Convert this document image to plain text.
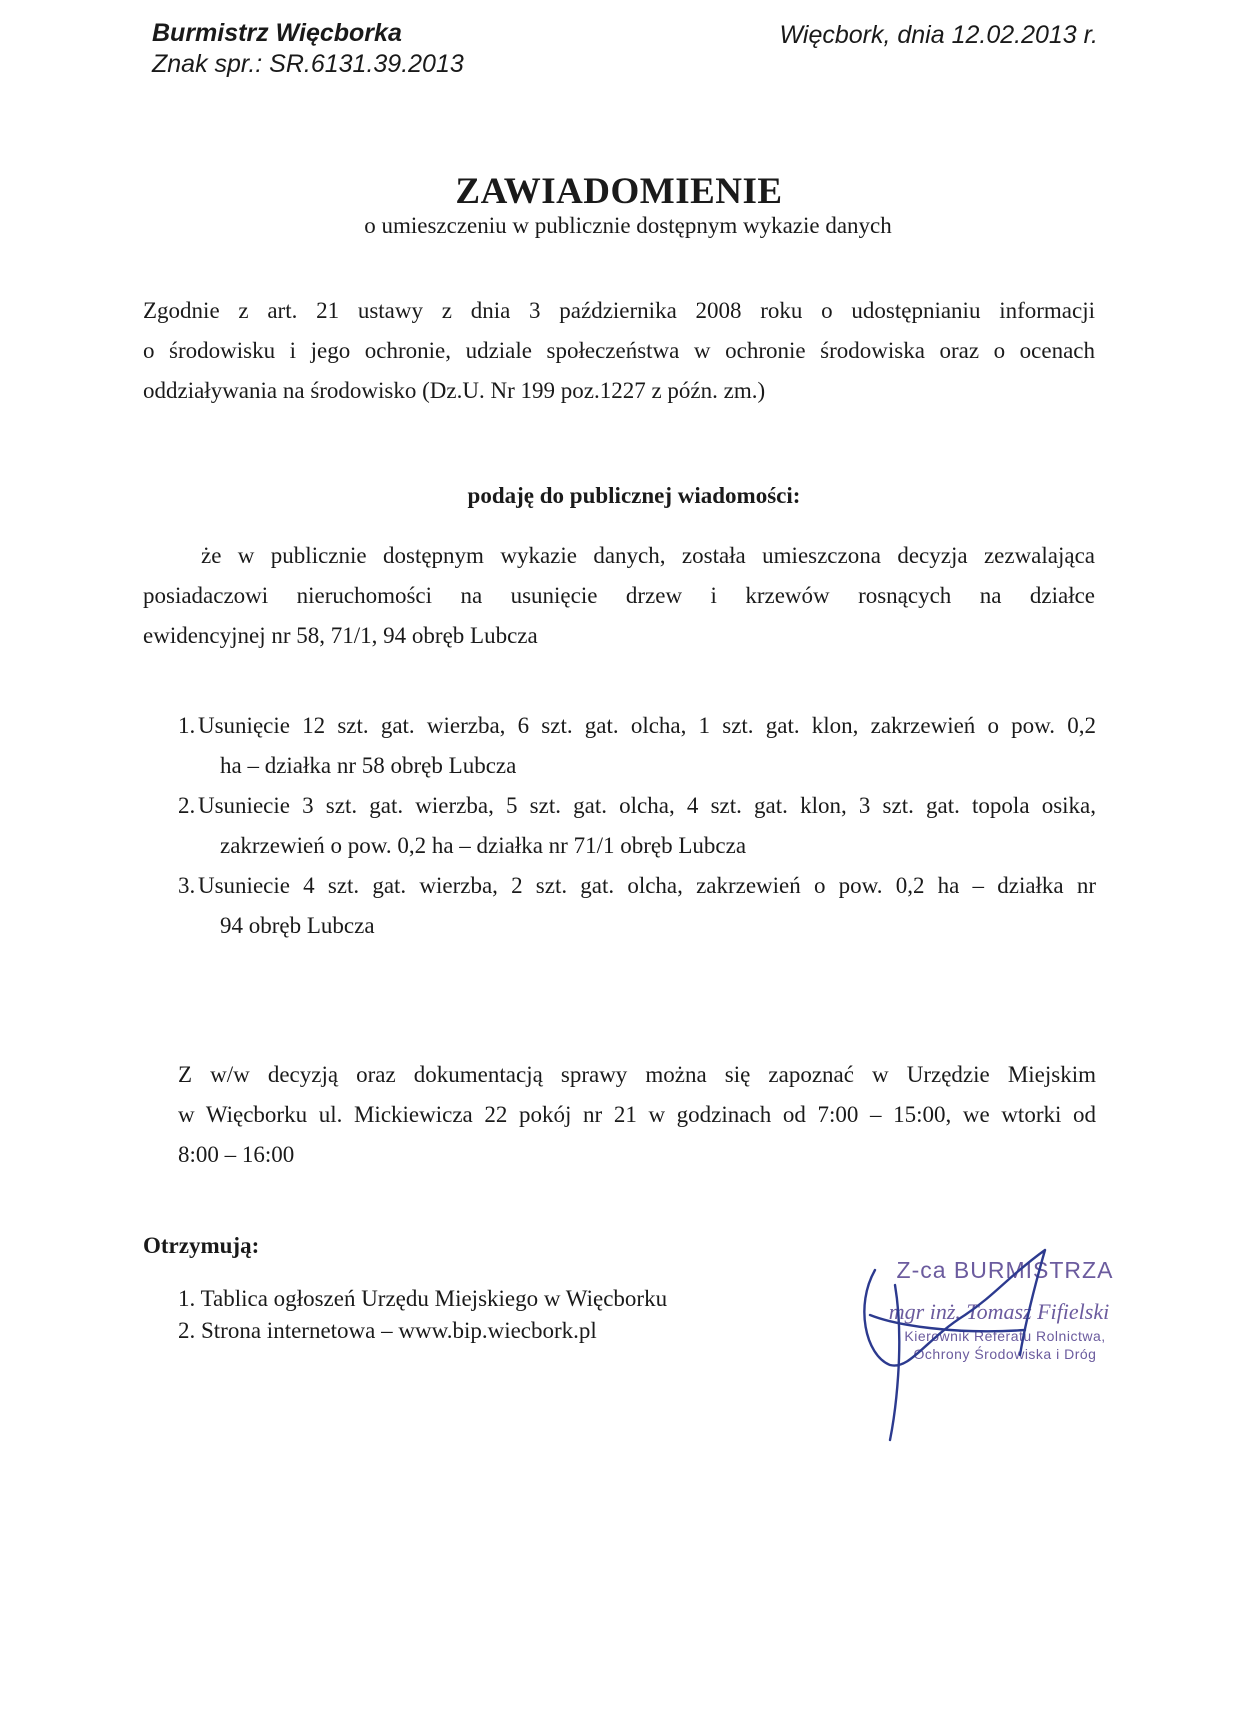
Burmistrz Więcborka
Znak spr.: SR.6131.39.2013
Więcbork, dnia 12.02.2013 r.
ZAWIADOMIENIE
o umieszczeniu w publicznie dostępnym wykazie danych
Zgodnie z art. 21 ustawy z dnia 3 października 2008 roku o udostępnianiu informacji
o środowisku i jego ochronie, udziale społeczeństwa w ochronie środowiska oraz o ocenach
oddziaływania na środowisko (Dz.U. Nr 199 poz.1227 z późn. zm.)
podaję do publicznej wiadomości:
że w publicznie dostępnym wykazie danych, została umieszczona decyzja zezwalająca
posiadaczowi nieruchomości na usunięcie drzew i krzewów rosnących na działce
ewidencyjnej nr 58, 71/1, 94 obręb Lubcza
1. Usunięcie 12 szt. gat. wierzba, 6 szt. gat. olcha, 1 szt. gat. klon, zakrzewień o pow. 0,2
ha – działka nr 58 obręb Lubcza
2. Usuniecie 3 szt. gat. wierzba, 5 szt. gat. olcha, 4 szt. gat. klon, 3 szt. gat. topola osika,
zakrzewień o pow. 0,2 ha – działka nr 71/1 obręb Lubcza
3. Usuniecie 4 szt. gat. wierzba, 2 szt. gat. olcha, zakrzewień o pow. 0,2 ha – działka nr
94 obręb Lubcza
Z w/w decyzją oraz dokumentacją sprawy można się zapoznać w Urzędzie Miejskim
w Więcborku ul. Mickiewicza 22 pokój nr 21 w godzinach od 7:00 – 15:00, we wtorki od
8:00 – 16:00
Otrzymują:
1. Tablica ogłoszeń Urzędu Miejskiego w Więcborku
2. Strona internetowa – www.bip.wiecbork.pl
Z-ca BURMISTRZA
mgr inż. Tomasz Fifielski
Kierownik Referatu Rolnictwa,
Ochrony Środowiska i Dróg
